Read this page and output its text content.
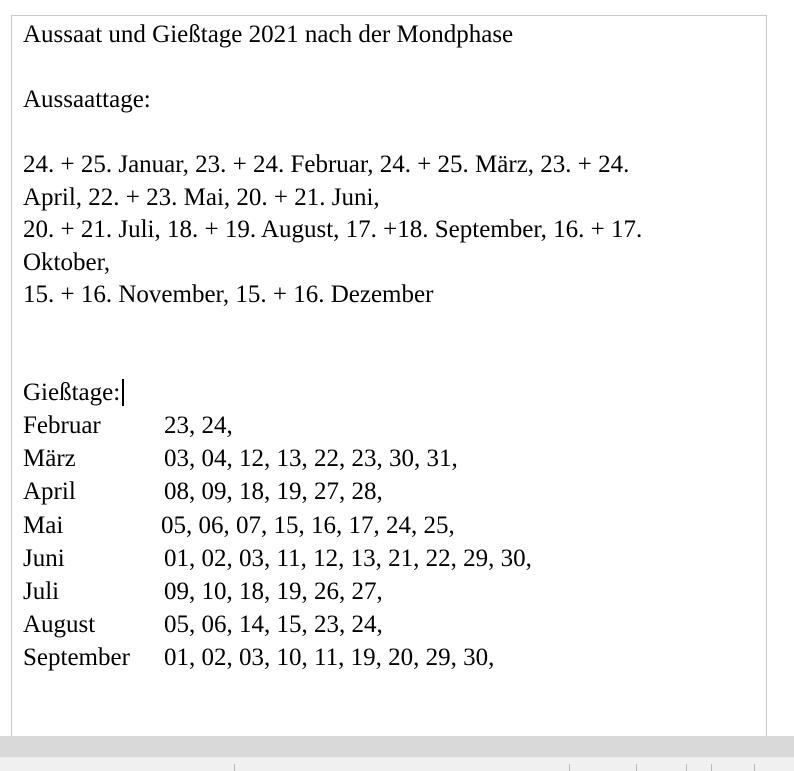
Aussaat und Gießtage 2021 nach der Mondphase
Aussaattage:
24. + 25. Januar, 23. + 24. Februar, 24. + 25. März, 23. + 24.
April, 22. + 23. Mai, 20. + 21. Juni,
20. + 21. Juli, 18. + 19. August, 17. +18. September, 16. + 17.
Oktober,
15. + 16. November, 15. + 16. Dezember
Gießtage:
Februar	23, 24,
März	03, 04, 12, 13, 22, 23, 30, 31,
April	08, 09, 18, 19, 27, 28,
Mai	05, 06, 07, 15, 16, 17, 24, 25,
Juni	01, 02, 03, 11, 12, 13, 21, 22, 29, 30,
Juli	09, 10, 18, 19, 26, 27,
August	05, 06, 14, 15, 23, 24,
September	01, 02, 03, 10, 11, 19, 20, 29, 30,
